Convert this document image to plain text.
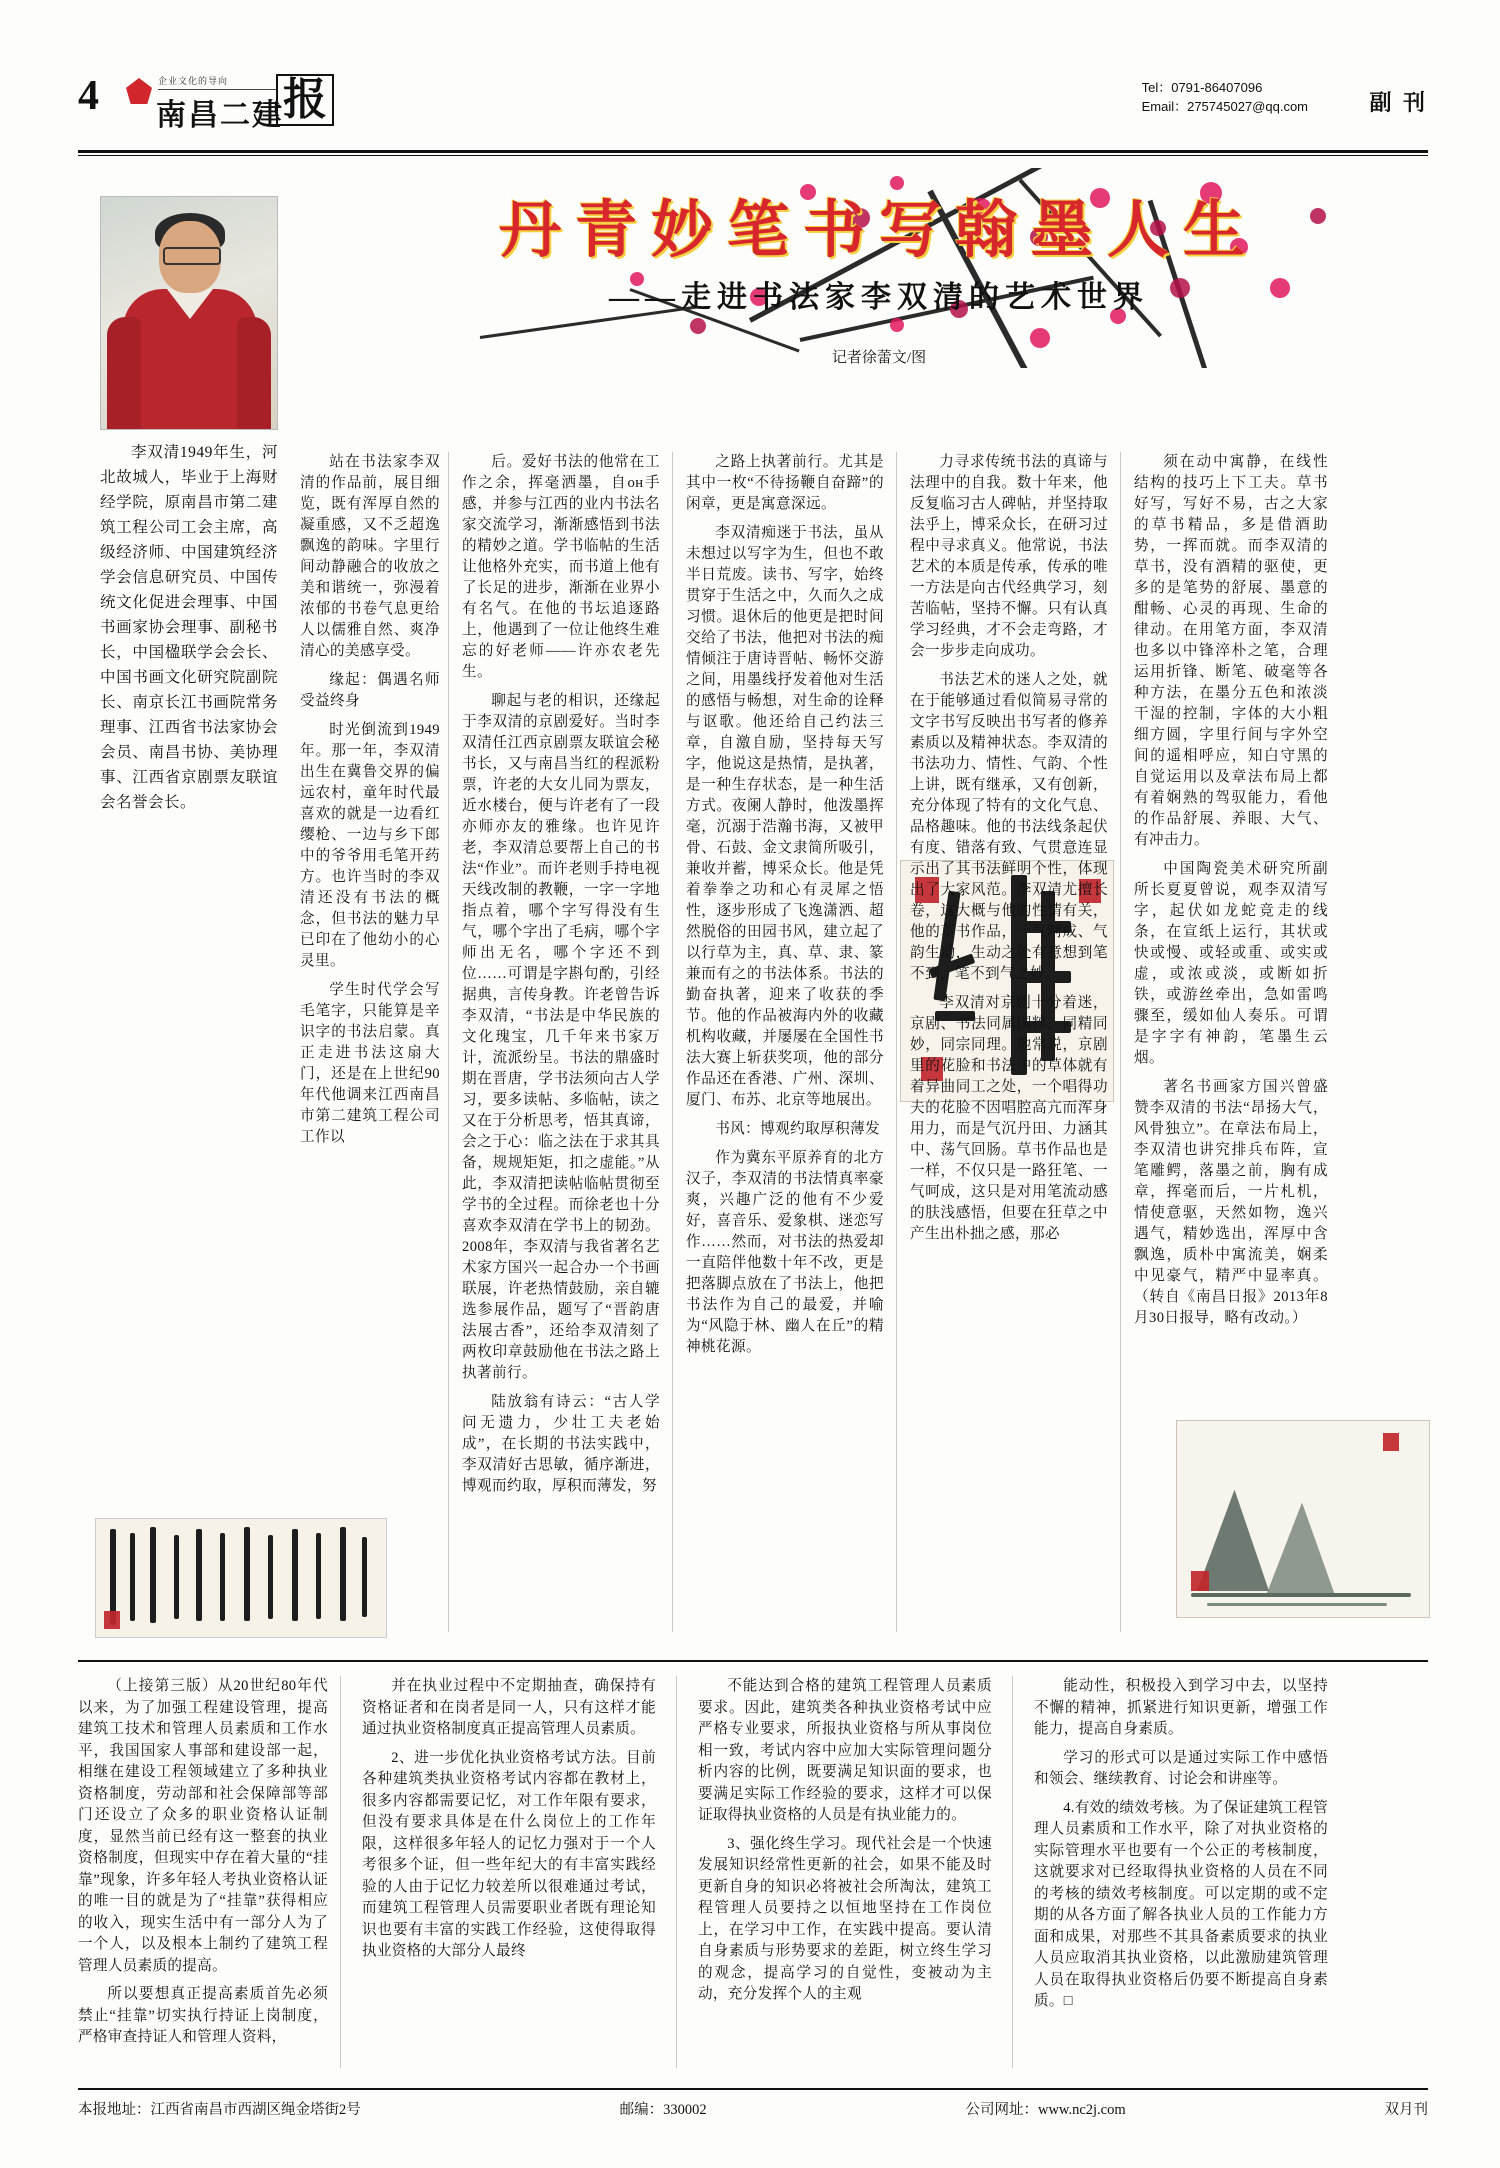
4	企业文化的导向
南昌二建 报	Tel：0791-86407096
Email：275745027@qq.com	副 刊
丹青妙笔书写翰墨人生
——走进书法家李双清的艺术世界
记者徐蕾文/图

李双清1949年生，河北故城人，毕业于上海财经学院，原南昌市第二建筑工程公司工会主席，高级经济师、中国建筑经济学会信息研究员、中国传统文化促进会理事、中国书画家协会理事、副秘书长，中国楹联学会会长、中国书画文化研究院副院长、南京长江书画院常务理事、江西省书法家协会会员、南昌书协、美协理事、江西省京剧票友联谊会名誉会长。

站在书法家李双清的作品前，展目细览，既有浑厚自然的凝重感，又不乏超逸飘逸的韵味。字里行间动静融合的收放之美和谐统一，弥漫着浓郁的书卷气息更给人以儒雅自然、爽净清心的美感享受。

缘起：偶遇名师受益终身

时光倒流到1949年。那一年，李双清出生在冀鲁交界的偏远农村，童年时代最喜欢的就是一边看红缨枪、一边与乡下郎中的爷爷用毛笔开药方。也许当时的李双清还没有书法的概念，但书法的魅力早已印在了他幼小的心灵里。

学生时代学会写毛笔字，只能算是辛识字的书法启蒙。真正走进书法这扇大门，还是在上世纪90年代他调来江西南昌市第二建筑工程公司工作以

后。爱好书法的他常在工作之余，挥毫洒墨，自он手感，并参与江西的业内书法名家交流学习，渐渐感悟到书法的精妙之道。学书临帖的生活让他格外充实，而书道上他有了长足的进步，渐渐在业界小有名气。在他的书坛追逐路上，他遇到了一位让他终生难忘的好老师——许亦农老先生。

聊起与老的相识，还缘起于李双清的京剧爱好。当时李双清任江西京剧票友联谊会秘书长，又与南昌当红的程派粉票，许老的大女儿同为票友，近水楼台，便与许老有了一段亦师亦友的雅缘。也许见许老，李双清总要帮上自己的书法“作业”。而许老则手持电视天线改制的教鞭，一字一字地指点着，哪个字写得没有生气，哪个字出了毛病，哪个字师出无名，哪个字还不到位……可谓是字斟句酌，引经据典，言传身教。许老曾告诉李双清，“书法是中华民族的文化瑰宝，几千年来书家万计，流派纷呈。书法的鼎盛时期在晋唐，学书法须向古人学习，要多读帖、多临帖，读之又在于分析思考，悟其真谛，会之于心：临之法在于求其具备，规规矩矩，扣之虚能。”从此，李双清把读帖临帖贯彻至学书的全过程。而徐老也十分喜欢李双清在学书上的韧劲。2008年，李双清与我省著名艺术家方国兴一起合办一个书画联展，许老热情鼓励，亲自辘选参展作品，题写了“晋韵唐法展古香”，还给李双清刻了两枚印章鼓励他在书法之路上执著前行。

陆放翁有诗云：“古人学问无遗力，少壮工夫老始成”，在长期的书法实践中，李双清好古思敏，循序渐进，博观而约取，厚积而薄发，努

之路上执著前行。尤其是其中一枚“不待扬鞭自奋蹄”的闲章，更是寓意深远。

李双清痴迷于书法，虽从未想过以写字为生，但也不敢半日荒废。读书、写字，始终贯穿于生活之中，久而久之成习惯。退休后的他更是把时间交给了书法，他把对书法的痴情倾注于唐诗晋帖、畅怀交游之间，用墨线抒发着他对生活的感悟与畅想，对生命的诠释与讴歌。他还给自己约法三章，自激自励，坚持每天写字，他说这是热情，是执著，是一种生存状态，是一种生活方式。夜阑人静时，他泼墨挥毫，沉溺于浩瀚书海，又被甲骨、石鼓、金文隶简所吸引，兼收并蓄，博采众长。他是凭着拳拳之功和心有灵犀之悟性，逐步形成了飞逸潇洒、超然脱俗的田园书风，建立起了以行草为主，真、草、隶、篆兼而有之的书法体系。书法的勤奋执著，迎来了收获的季节。他的作品被海内外的收藏机构收藏，并屡屡在全国性书法大赛上斩获奖项，他的部分作品还在香港、广州、深圳、厦门、布苏、北京等地展出。

书风：博观约取厚积薄发

作为冀东平原养育的北方汉子，李双清的书法情真率豪爽，兴趣广泛的他有不少爱好，喜音乐、爱象棋、迷恋写作……然而，对书法的热爱却一直陪伴他数十年不改，更是把落脚点放在了书法上，他把书法作为自己的最爱，并喻为“风隐于林、幽人在丘”的精神桃花源。

力寻求传统书法的真谛与法理中的自我。数十年来，他反复临习古人碑帖，并坚持取法乎上，博采众长，在研习过程中寻求真义。他常说，书法艺术的本质是传承，传承的唯一方法是向古代经典学习，刻苦临帖，坚持不懈。只有认真学习经典，才不会走弯路，才会一步步走向成功。

书法艺术的迷人之处，就在于能够通过看似简易寻常的文字书写反映出书写者的修养素质以及精神状态。李双清的书法功力、情性、气韵、个性上讲，既有继承，又有创新，充分体现了特有的文化气息、品格趣味。他的书法线条起伏有度、错落有致、气贯意连显示出了其书法鲜明个性，体现出了大家风范。李双清尤擅长卷，这大概与他的性情有关，他的草书作品，一气呵成、气韵生动，生动之处有意想到笔不到，笔不到气之妙。

李双清对京剧十分着迷，京剧、书法同属国粹，同精同妙，同宗同理。他常说，京剧里的花脸和书法中的草体就有着异曲同工之处，一个唱得功夫的花脸不因唱腔高亢而浑身用力，而是气沉丹田、力涵其中、荡气回肠。草书作品也是一样，不仅只是一路狂笔、一气呵成，这只是对用笔流动感的肤浅感悟，但要在狂草之中产生出朴拙之感，那必

须在动中寓静，在线性结构的技巧上下工夫。草书好写，写好不易，古之大家的草书精品，多是借酒助势，一挥而就。而李双清的草书，没有酒精的驱使，更多的是笔势的舒展、墨意的酣畅、心灵的再现、生命的律动。在用笔方面，李双清也多以中锋淬朴之笔，合理运用折锋、断笔、破毫等各种方法，在墨分五色和浓淡干湿的控制，字体的大小粗细方圆，字里行间与字外空间的遥相呼应，知白守黑的自觉运用以及章法布局上都有着娴熟的驾驭能力，看他的作品舒展、养眼、大气、有冲击力。

中国陶瓷美术研究所副所长夏夏曾说，观李双清写字，起伏如龙蛇竞走的线条，在宣纸上运行，其状或快或慢、或轻或重、或实或虚，或浓或淡，或断如折铁，或游丝牵出，急如雷鸣骤至，缓如仙人奏乐。可谓是字字有神韵，笔墨生云烟。

著名书画家方国兴曾盛赞李双清的书法“昂扬大气，风骨独立”。在章法布局上，李双清也讲究排兵布阵，宣笔雕鳄，落墨之前，胸有成章，挥毫而后，一片札机，情使意驱，天然如物，逸兴遇气，精妙选出，浑厚中含飘逸，质朴中寓流美，娴柔中见豪气，精严中显率真。（转自《南昌日报》2013年8月30日报导，略有改动。）

（上接第三版）从20世纪80年代以来，为了加强工程建设管理，提高建筑工技术和管理人员素质和工作水平，我国国家人事部和建设部一起，相继在建设工程领域建立了多种执业资格制度，劳动部和社会保障部等部门还设立了众多的职业资格认证制度，显然当前已经有这一整套的执业资格制度，但现实中存在着大量的“挂靠”现象，许多年轻人考执业资格认证的唯一目的就是为了“挂靠”获得相应的收入，现实生活中有一部分人为了一个人，以及根本上制约了建筑工程管理人员素质的提高。

所以要想真正提高素质首先必须禁止“挂靠”切实执行持证上岗制度，严格审查持证人和管理人资料，

并在执业过程中不定期抽查，确保持有资格证者和在岗者是同一人，只有这样才能通过执业资格制度真正提高管理人员素质。

2、进一步优化执业资格考试方法。目前各种建筑类执业资格考试内容都在教材上，很多内容都需要记忆，对工作年限有要求，但没有要求具体是在什么岗位上的工作年限，这样很多年轻人的记忆力强对于一个人考很多个证，但一些年纪大的有丰富实践经验的人由于记忆力较差所以很难通过考试，而建筑工程管理人员需要职业者既有理论知识也要有丰富的实践工作经验，这使得取得执业资格的大部分人最终

不能达到合格的建筑工程管理人员素质要求。因此，建筑类各种执业资格考试中应严格专业要求，所报执业资格与所从事岗位相一致，考试内容中应加大实际管理问题分析内容的比例，既要满足知识面的要求，也要满足实际工作经验的要求，这样才可以保证取得执业资格的人员是有执业能力的。

3、强化终生学习。现代社会是一个快速发展知识经常性更新的社会，如果不能及时更新自身的知识必将被社会所淘汰，建筑工程管理人员要持之以恒地坚持在工作岗位上，在学习中工作，在实践中提高。要认清自身素质与形势要求的差距，树立终生学习的观念，提高学习的自觉性，变被动为主动，充分发挥个人的主观

能动性，积极投入到学习中去，以坚持不懈的精神，抓紧进行知识更新，增强工作能力，提高自身素质。

学习的形式可以是通过实际工作中感悟和领会、继续教育、讨论会和讲座等。

4.有效的绩效考核。为了保证建筑工程管理人员素质和工作水平，除了对执业资格的实际管理水平也要有一个公正的考核制度，这就要求对已经取得执业资格的人员在不同的考核的绩效考核制度。可以定期的或不定期的从各方面了解各执业人员的工作能力方面和成果，对那些不其具备素质要求的执业人员应取消其执业资格，以此激励建筑管理人员在取得执业资格后仍要不断提高自身素质。□

本报地址：江西省南昌市西湖区绳金塔街2号	邮编：330002	公司网址：www.nc2j.com	双月刊
